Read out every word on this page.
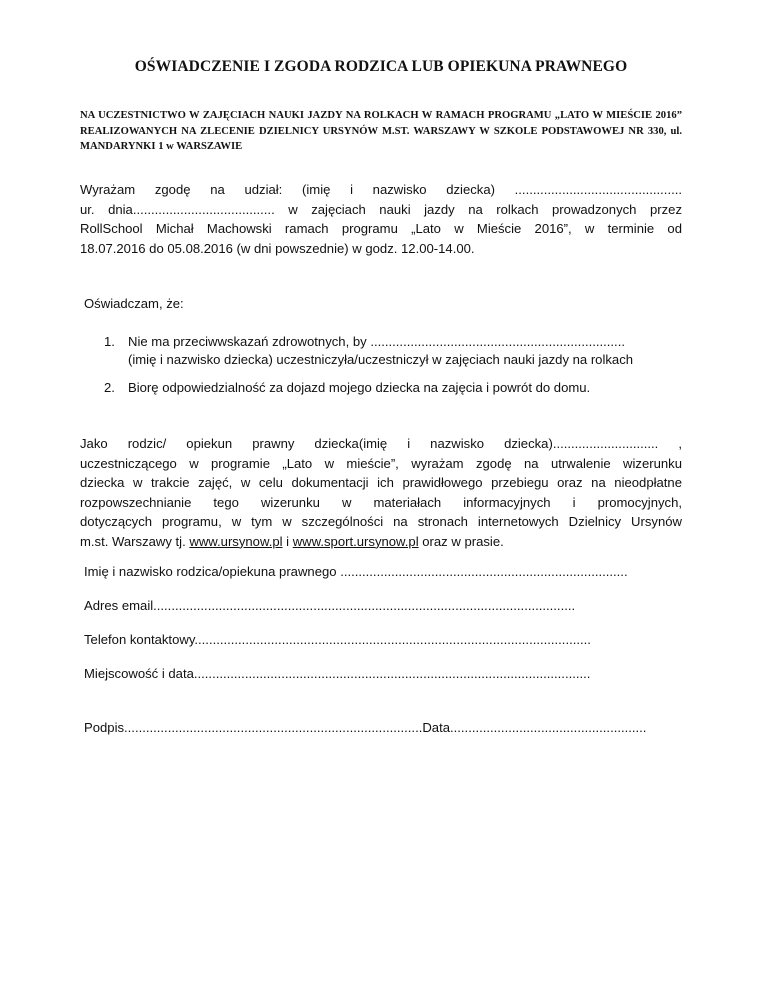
OŚWIADCZENIE I ZGODA RODZICA LUB OPIEKUNA PRAWNEGO
NA UCZESTNICTWO W ZAJĘCIACH NAUKI JAZDY NA ROLKACH W RAMACH PROGRAMU „LATO W MIEŚCIE 2016” REALIZOWANYCH NA ZLECENIE DZIELNICY URSYNÓW M.ST. WARSZAWY W SZKOLE PODSTAWOWEJ NR 330, ul. MANDARYNKI 1 w WARSZAWIE
Wyrażam zgodę na udział: (imię i nazwisko dziecka) ..............................................
ur. dnia....................................... w zajęciach nauki jazdy na rolkach prowadzonych przez
RollSchool Michał Machowski ramach programu „Lato w Mieście 2016”, w terminie od
18.07.2016 do 05.08.2016 (w dni powszednie) w godz. 12.00-14.00.
Oświadczam, że:
1. Nie ma przeciwwskazań zdrowotnych, by ......................................................................
(imię i nazwisko dziecka) uczestniczyła/uczestniczył w zajęciach nauki jazdy na rolkach
2. Biorę odpowiedzialność za dojazd mojego dziecka na zajęcia i powrót do domu.
Jako rodzic/ opiekun prawny dziecka(imię i nazwisko dziecka)............................. ,
uczestniczącego w programie „Lato w mieście”, wyrażam zgodę na utrwalenie wizerunku
dziecka w trakcie zajęć, w celu dokumentacji ich prawidłowego przebiegu oraz na nieodpłatne
rozpowszechnianie tego wizerunku w materiałach informacyjnych i promocyjnych,
dotyczących programu, w tym w szczególności na stronach internetowych Dzielnicy Ursynów
m.st. Warszawy tj. www.ursynow.pl i www.sport.ursynow.pl oraz w prasie.
Imię i nazwisko rodzica/opiekuna prawnego ...............................................................................
Adres email....................................................................................................................
Telefon kontaktowy.............................................................................................................
Miejscowość i data.............................................................................................................
Podpis..................................................................................Data......................................................
